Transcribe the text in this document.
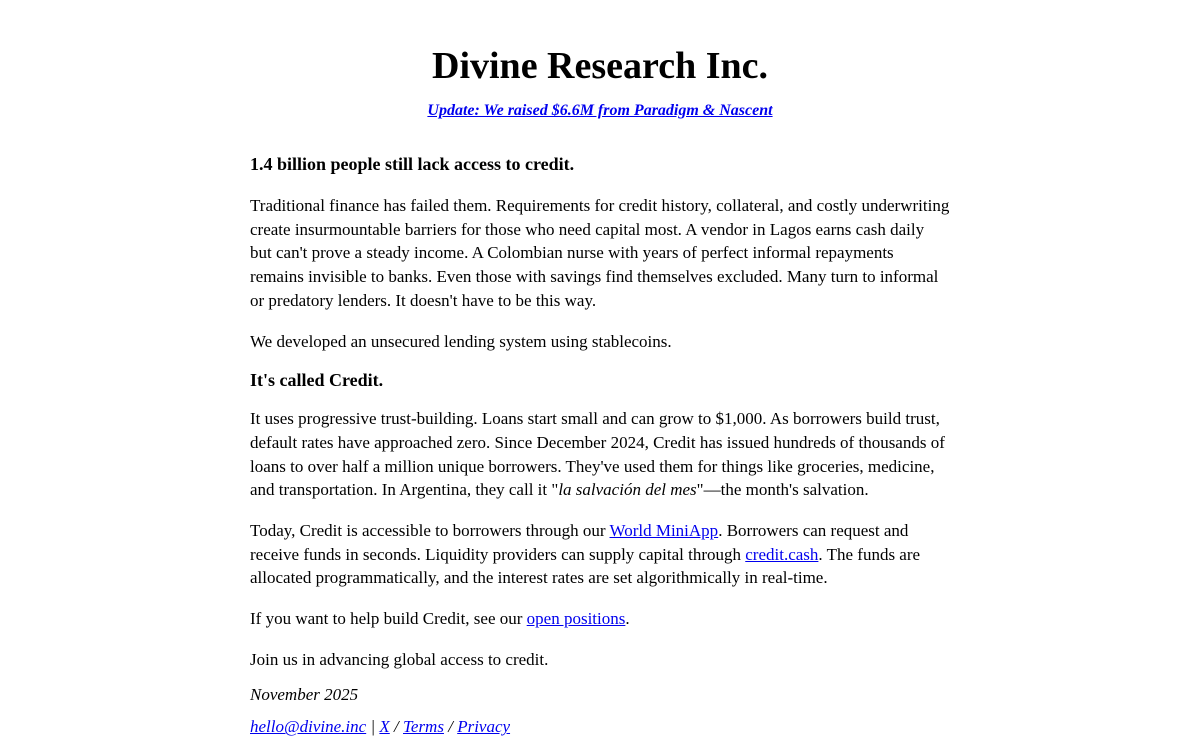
Divine Research Inc.

Update: We raised $6.6M from Paradigm & Nascent

1.4 billion people still lack access to credit.

Traditional finance has failed them. Requirements for credit history, collateral, and costly underwriting create insurmountable barriers for those who need capital most. A vendor in Lagos earns cash daily but can't prove a steady income. A Colombian nurse with years of perfect informal repayments remains invisible to banks. Even those with savings find themselves excluded. Many turn to informal or predatory lenders. It doesn't have to be this way.

We developed an unsecured lending system using stablecoins.

It's called Credit.

It uses progressive trust-building. Loans start small and can grow to $1,000. As borrowers build trust, default rates have approached zero. Since December 2024, Credit has issued hundreds of thousands of loans to over half a million unique borrowers. They've used them for things like groceries, medicine, and transportation. In Argentina, they call it "la salvación del mes"—the month's salvation.

Today, Credit is accessible to borrowers through our World MiniApp. Borrowers can request and receive funds in seconds. Liquidity providers can supply capital through credit.cash. The funds are allocated programmatically, and the interest rates are set algorithmically in real-time.

If you want to help build Credit, see our open positions.

Join us in advancing global access to credit.

November 2025

hello@divine.inc | X / Terms / Privacy
